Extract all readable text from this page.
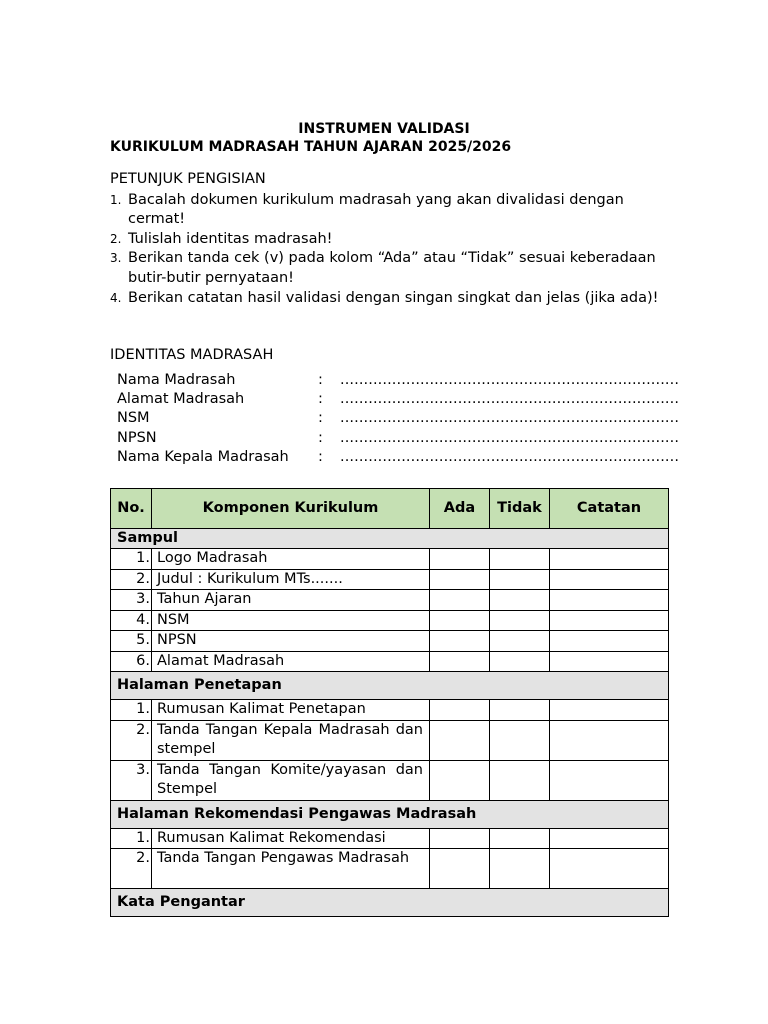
INSTRUMEN VALIDASI
KURIKULUM MADRASAH TAHUN AJARAN 2025/2026
PETUNJUK PENGISIAN
1. Bacalah dokumen kurikulum madrasah yang akan divalidasi dengan cermat!
2. Tulislah identitas madrasah!
3. Berikan tanda cek (v) pada kolom “Ada” atau “Tidak” sesuai keberadaan butir-butir pernyataan!
4. Berikan catatan hasil validasi dengan singan singkat dan jelas (jika ada)!
IDENTITAS MADRASAH
Nama Madrasah	: ........................................................................
Alamat Madrasah	: ........................................................................
NSM	: ........................................................................
NPSN	: ........................................................................
Nama Kepala Madrasah : ........................................................................
No.	Komponen Kurikulum	Ada	Tidak	Catatan
Sampul				
1.	Logo Madrasah			
2.	Judul : Kurikulum MTs.......			
3.	Tahun Ajaran			
4.	NSM			
5.	NPSN			
6.	Alamat Madrasah			
Halaman Penetapan				
1.	Rumusan Kalimat Penetapan			
2.	Tanda Tangan Kepala Madrasah dan stempel			
3.	Tanda Tangan Komite/yayasan dan Stempel			
Halaman Rekomendasi Pengawas Madrasah				
1.	Rumusan Kalimat Rekomendasi			
2.	Tanda Tangan Pengawas Madrasah			
Kata Pengantar				
